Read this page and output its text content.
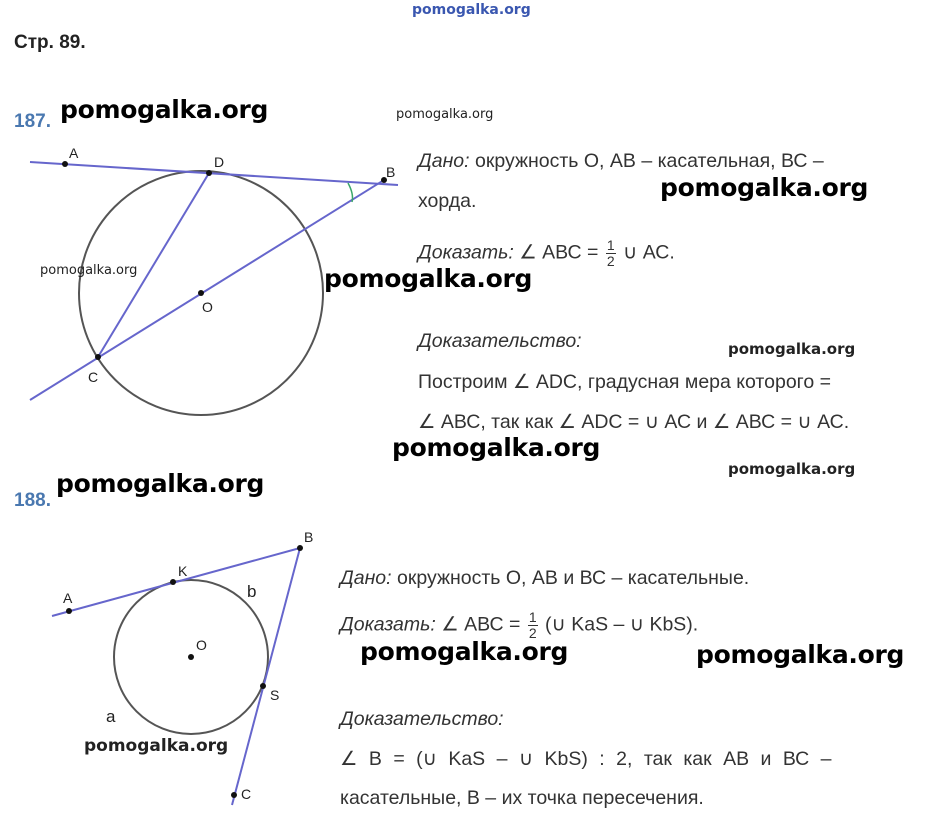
pomogalka.org
Стр. 89.
187. pomogalka.org	pomogalka.org
A
D
B
O
C
pomogalka.org	pomogalka.org
Дано: окружность О, АВ – касательная, ВС –
хорда.	pomogalka.org
Доказать: ∠ АВС = $\frac{1}{2}$ ∪ АС.
Доказательство:	pomogalka.org
Построим ∠ ADC, градусная мера которого =
∠ АВС, так как ∠ ADC = ∪ АС и ∠ АВС = ∪ АС.
pomogalka.org
pomogalka.org
pomogalka.org
188.
A
K
B
b
O
S
a
C
pomogalka.org
Дано: окружность О, АВ и ВС – касательные.
Доказать: ∠ АВС = $\frac{1}{2}$ (∪ KaS – ∪ KbS).
pomogalka.org	pomogalka.org
Доказательство:
∠ В = (∪ KaS – ∪ KbS) : 2, так как АВ и ВС –
касательные, В – их точка пересечения.
